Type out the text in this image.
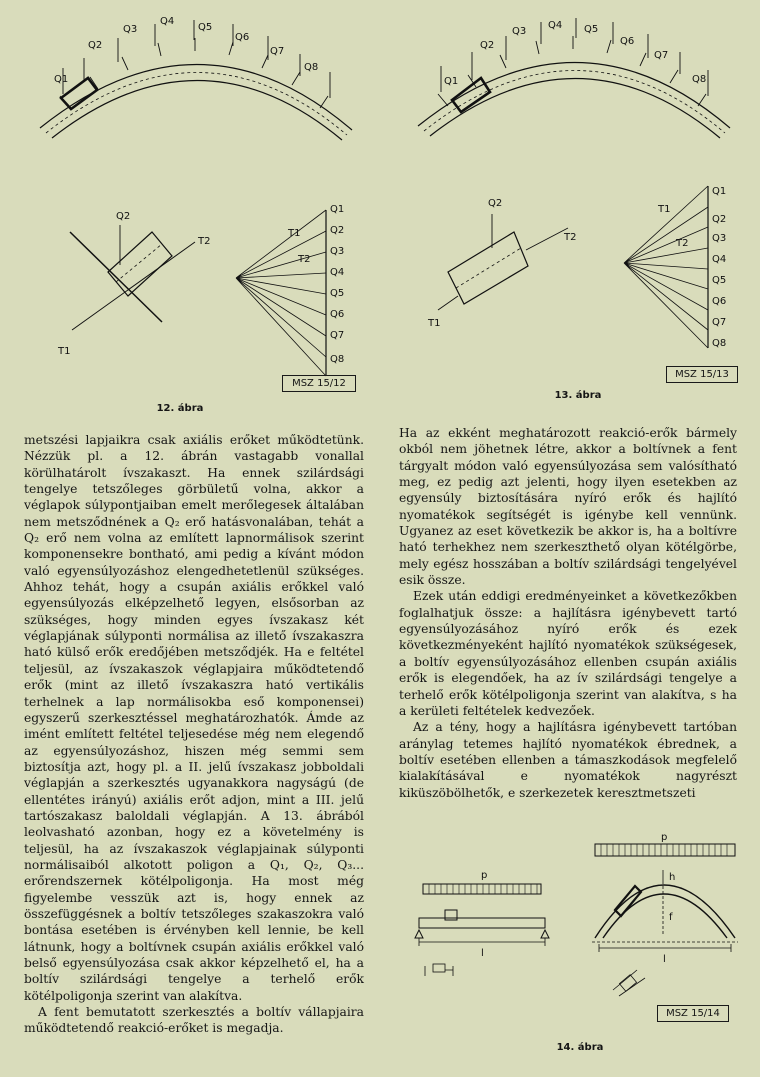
Q1
Q2
Q3
Q4
Q5
Q6
Q7
Q8
Q2
T2
T1
T1
T2
Q1
Q2
Q3
Q4
Q5
Q6
Q7
Q8
MSZ 15/12
12. ábra
Q1
Q2
Q3
Q4 Q5
Q6
Q7
Q8
Q2
T2
T1
T1
T2
Q1
Q2
Q3
Q4
Q5
Q6
Q7
Q8
MSZ 15/13
13. ábra

metszési lapjaikra csak axiális erőket működtetünk. Nézzük pl. a 12. ábrán vastagabb vonallal körülhatárolt ívszakaszt. Ha ennek szilárdsági tengelye tetszőleges görbületű volna, akkor a véglapok súlypontjaiban emelt merőlegesek általában nem metsződnének a Q₂ erő hatásvonalában, tehát a Q₂ erő nem volna az említett lapnormálisok szerint komponensekre bontható, ami pedig a kívánt módon való egyensúlyozáshoz elengedhetetlenül szükséges. Ahhoz tehát, hogy a csupán axiális erőkkel való egyensúlyozás elképzelhető legyen, elsősorban az szükséges, hogy minden egyes ívszakasz két véglapjának súlyponti normálisa az illető ívszakaszra ható külső erők eredőjében metsződjék. Ha e feltétel teljesül, az ívszakaszok véglapjaira működtetendő erők (mint az illető ívszakaszra ható vertikális terhelnek a lap normálisokba eső komponensei) egyszerű szerkesztéssel meghatározhatók. Ámde az imént említett feltétel teljesedése még nem elegendő az egyensúlyozáshoz, hiszen még semmi sem biztosítja azt, hogy pl. a II. jelű ívszakasz jobboldali véglapján a szerkesztés ugyanakkora nagyságú (de ellentétes irányú) axiális erőt adjon, mint a III. jelű tartószakasz baloldali véglapján. A 13. ábrából leolvasható azonban, hogy ez a követelmény is teljesül, ha az ívszakaszok véglapjainak súlyponti normálisaiból alkotott poligon a Q₁, Q₂, Q₃... erőrendszernek kötélpoligonja. Ha most még figyelembe vesszük azt is, hogy ennek az összefüggésnek a boltív tetszőleges szakaszokra való bontása esetében is érvényben kell lennie, be kell látnunk, hogy a boltívnek csupán axiális erőkkel való belső egyensúlyozása csak akkor képzelhető el, ha a boltív szilárdsági tengelye a terhelő erők kötélpoligonja szerint van alakítva.

A fent bemutatott szerkesztés a boltív vállapjaira működtetendő reakció-erőket is megadja.

Ha az ekként meghatározott reakció-erők bármely okból nem jöhetnek létre, akkor a boltívnek a fent tárgyalt módon való egyensúlyozása sem valósítható meg, ez pedig azt jelenti, hogy ilyen esetekben az egyensúly biztosítására nyíró erők és hajlító nyomatékok segítségét is igénybe kell vennünk. Ugyanez az eset következik be akkor is, ha a boltívre ható terhekhez nem szerkeszthető olyan kötélgörbe, mely egész hosszában a boltív szilárdsági tengelyével esik össze.

Ezek után eddigi eredményeinket a következőkben foglalhatjuk össze: a hajlításra igénybevett tartó egyensúlyozásához nyíró erők és ezek következményeként hajlító nyomatékok szükségesek, a boltív egyensúlyozásához ellenben csupán axiális erők is elegendőek, ha az ív szilárdsági tengelye a terhelő erők kötélpoligonja szerint van alakítva, s ha a kerületi feltételek kedvezőek.

Az a tény, hogy a hajlításra igénybevett tartóban aránylag tetemes hajlító nyomatékok ébrednek, a boltív esetében ellenben a támaszkodások megfelelő kialakításával e nyomatékok nagyrészt kiküszöbölhetők, e szerkezetek keresztmetszeti

p
l
p
h
f
l
MSZ 15/14
14. ábra
